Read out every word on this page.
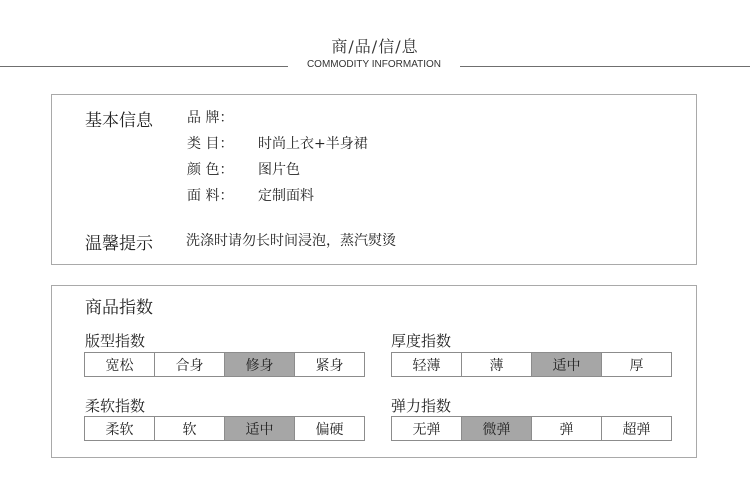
商/品/信/息
COMMODITY INFORMATION
基本信息 品 牌：
类 目：	时尚上衣+半身裙
颜 色：	图片色
面 料：	定制面料
温馨提示 洗涤时请勿长时间浸泡，蒸汽熨烫
商品指数
版型指数
宽松	合身	修身	紧身
厚度指数
轻薄	薄	适中	厚
柔软指数
柔软	软	适中	偏硬
弹力指数
无弹	微弹	弹	超弹
